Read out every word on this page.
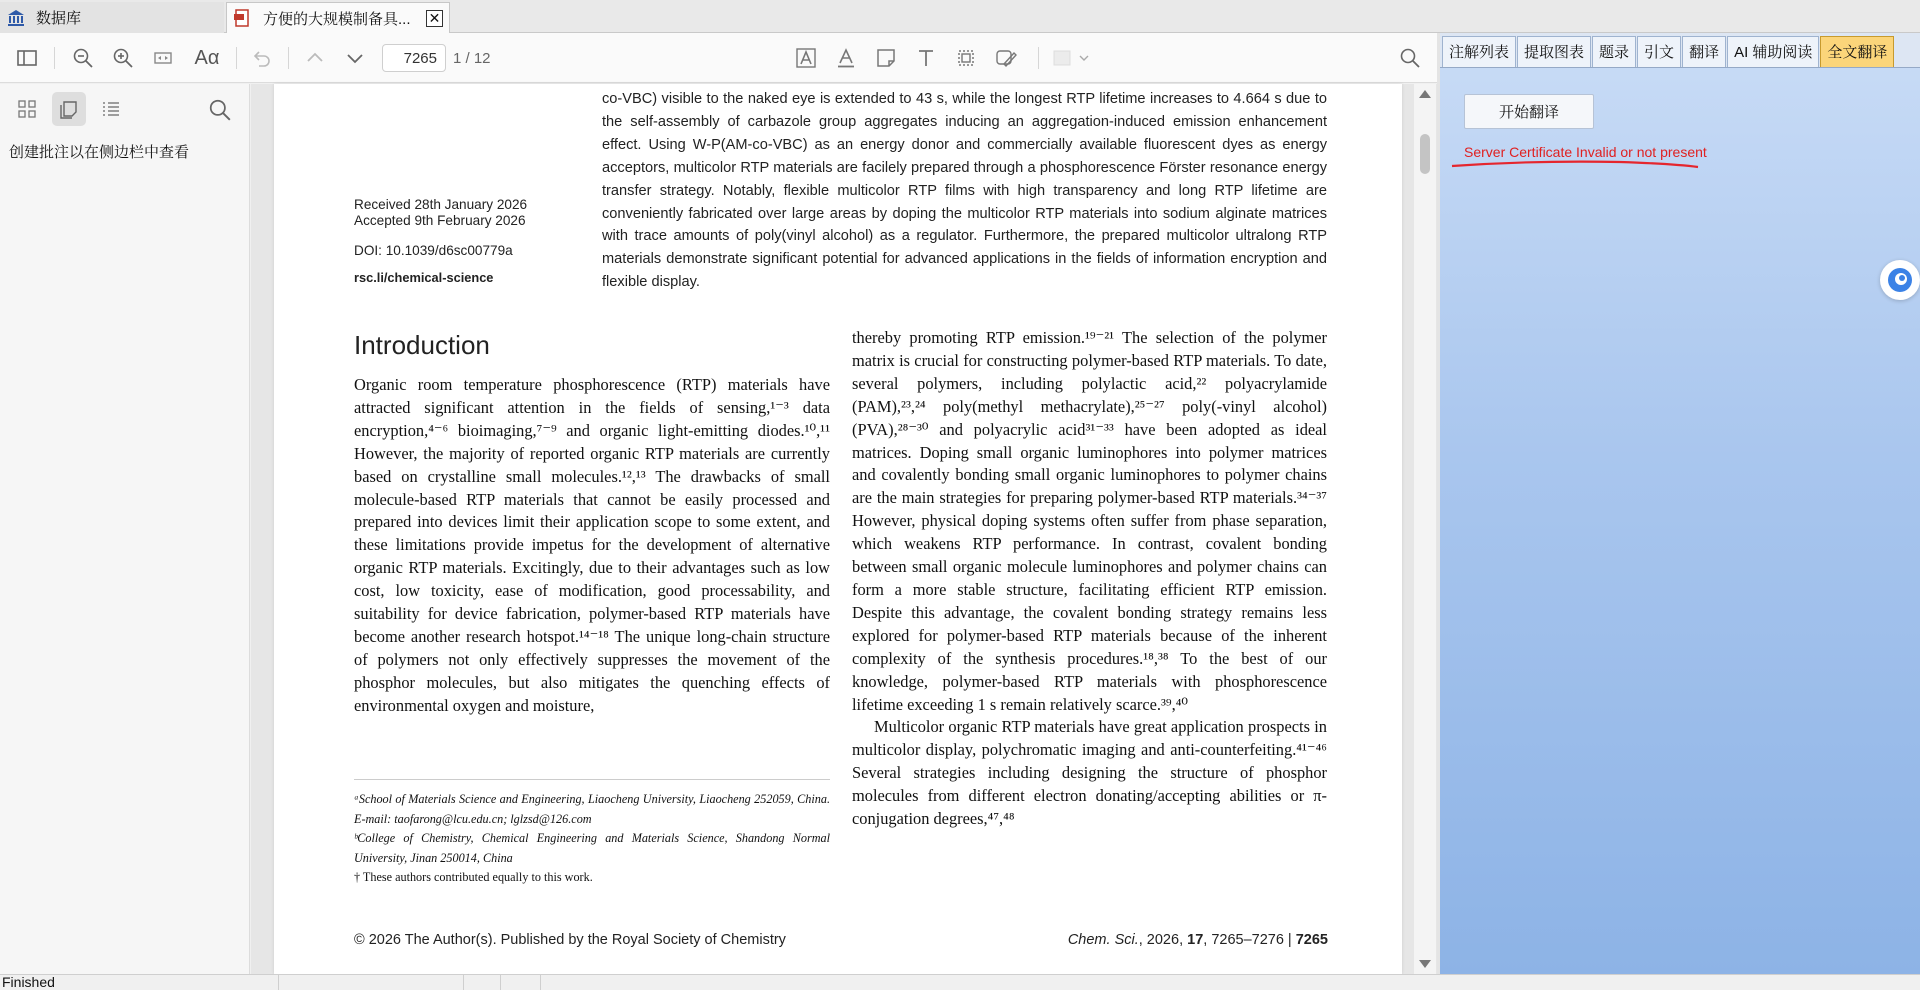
数据库	方便的大规模制备具...	✕
Aα
7265	1 / 12
创建批注以在侧边栏中查看
co-VBC) visible to the naked eye is extended to 43 s, while the longest RTP lifetime increases to 4.664 s due to the self-assembly of carbazole group aggregates inducing an aggregation-induced emission enhancement effect. Using W-P(AM-co-VBC) as an energy donor and commercially available fluorescent dyes as energy acceptors, multicolor RTP materials are facilely prepared through a phosphorescence Förster resonance energy transfer strategy. Notably, flexible multicolor RTP films with high transparency and long RTP lifetime are conveniently fabricated over large areas by doping the multicolor RTP materials into sodium alginate matrices with trace amounts of poly(vinyl alcohol) as a regulator. Furthermore, the prepared multicolor ultralong RTP materials demonstrate significant potential for advanced applications in the fields of information encryption and flexible display.
Received 28th January 2026
Accepted 9th February 2026
DOI: 10.1039/d6sc00779a
rsc.li/chemical-science
Introduction

Organic room temperature phosphorescence (RTP) materials have attracted significant attention in the fields of sensing,¹⁻³ data encryption,⁴⁻⁶ bioimaging,⁷⁻⁹ and organic light-emitting diodes.¹⁰,¹¹ However, the majority of reported organic RTP materials are currently based on crystalline small molecules.¹²,¹³ The drawbacks of small molecule-based RTP materials that cannot be easily processed and prepared into devices limit their application scope to some extent, and these limitations provide impetus for the development of alternative organic RTP materials. Excitingly, due to their advantages such as low cost, low toxicity, ease of modification, good processability, and suitability for device fabrication, polymer-based RTP materials have become another research hotspot.¹⁴⁻¹⁸ The unique long-chain structure of polymers not only effectively suppresses the movement of the phosphor molecules, but also mitigates the quenching effects of environmental oxygen and moisture,

thereby promoting RTP emission.¹⁹⁻²¹ The selection of the polymer matrix is crucial for constructing polymer-based RTP materials. To date, several polymers, including polylactic acid,²² polyacrylamide (PAM),²³,²⁴ poly(methyl methacrylate),²⁵⁻²⁷ poly(-vinyl alcohol) (PVA),²⁸⁻³⁰ and polyacrylic acid³¹⁻³³ have been adopted as ideal matrices. Doping small organic luminophores into polymer matrices and covalently bonding small organic luminophores to polymer chains are the main strategies for preparing polymer-based RTP materials.³⁴⁻³⁷ However, physical doping systems often suffer from phase separation, which weakens RTP performance. In contrast, covalent bonding between small organic molecule luminophores and polymer chains can form a more stable structure, facilitating efficient RTP emission. Despite this advantage, the covalent bonding strategy remains less explored for polymer-based RTP materials because of the inherent complexity of the synthesis procedures.¹⁸,³⁸ To the best of our knowledge, polymer-based RTP materials with phosphorescence lifetime exceeding 1 s remain relatively scarce.³⁹,⁴⁰

Multicolor organic RTP materials have great application prospects in multicolor display, polychromatic imaging and anti-counterfeiting.⁴¹⁻⁴⁶ Several strategies including designing the structure of phosphor molecules from different electron donating/accepting abilities or π-conjugation degrees,⁴⁷,⁴⁸

ᵃSchool of Materials Science and Engineering, Liaocheng University, Liaocheng 252059, China. E-mail: taofarong@lcu.edu.cn; lglzsd@126.com
ᵇCollege of Chemistry, Chemical Engineering and Materials Science, Shandong Normal University, Jinan 250014, China
† These authors contributed equally to this work.
© 2026 The Author(s). Published by the Royal Society of Chemistry	Chem. Sci., 2026, 17, 7265–7276 | 7265
注解列表	提取图表	题录	引文	翻译	AI 辅助阅读	全文翻译
开始翻译
Server Certificate Invalid or not present
Finished
